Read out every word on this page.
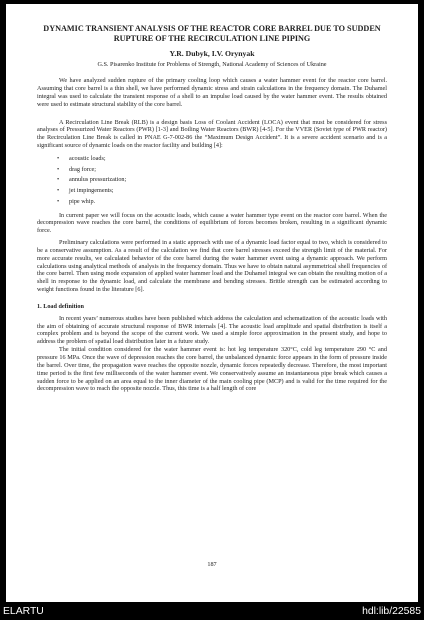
DYNAMIC TRANSIENT ANALYSIS OF THE REACTOR CORE BARREL DUE TO SUDDEN RUPTURE OF THE RECIRCULATION LINE PIPING

Y.R. Dubyk, I.V. Orynyak

G.S. Pisarenko Institute for Problems of Strength, National Academy of Sciences of Ukraine

We have analyzed sudden rupture of the primary cooling loop which causes a water hammer event for the reactor core barrel. Assuming that core barrel is a thin shell, we have performed dynamic stress and strain calculations in the frequency domain. The Duhamel integral was used to calculate the transient response of a shell to an impulse load caused by the water hammer event. The results obtained were used to estimate structural stability of the core barrel.

A Recirculation Line Break (RLB) is a design basis Loss of Coolant Accident (LOCA) event that must be considered for stress analyses of Pressurized Water Reactors (PWR) [1-3] and Boiling Water Reactors (BWR) [4-5]. For the VVER (Soviet type of PWR reactor) the Recirculation Line Break is called in PNAE G-7-002-86 the “Maximum Design Accident”. It is a severe accident scenario and is a significant source of dynamic loads on the reactor facility and building [4]:

• acoustic loads;
• drag force;
• annulus pressurization;
• jet impingements;
• pipe whip.

In current paper we will focus on the acoustic loads, which cause a water hammer type event on the reactor core barrel. When the decompression wave reaches the core barrel, the conditions of equilibrium of forces becomes broken, resulting in a significant dynamic force.

Preliminary calculations were performed in a static approach with use of a dynamic load factor equal to two, which is considered to be a conservative assumption. As a result of the calculation we find that core barrel stresses exceed the strength limit of the material. For more accurate results, we calculated behavior of the core barrel during the water hammer event using a dynamic approach. We perform calculations using analytical methods of analysis in the frequency domain. Thus we have to obtain natural asymmetrical shell frequencies of the core barrel. Then using mode expansion of applied water hammer load and the Duhamel integral we can obtain the resulting motion of a shell in response to the dynamic load, and calculate the membrane and bending stresses. Brittle strength can be estimated according to weight functions found in the literature [6].

1. Load definition

In recent years’ numerous studies have been published which address the calculation and schematization of the acoustic loads with the aim of obtaining of accurate structural response of BWR internals [4]. The acoustic load amplitude and spatial distribution is itself a complex problem and is beyond the scope of the current work. We used a simple force approximation in the present study, and hope to address the problem of spatial load distribution later in a future study.

The initial condition considered for the water hammer event is: hot leg temperature 320°C, cold leg temperature 290 °C and pressure 16 MPa. Once the wave of depression reaches the core barrel, the unbalanced dynamic force appears in the form of pressure inside the barrel. Over time, the propagation wave reaches the opposite nozzle, dynamic forces repeatedly decrease. Therefore, the most important time period is the first few milliseconds of the water hammer event. We conservatively assume an instantaneous pipe break which causes a sudden force to be applied on an area equal to the inner diameter of the main cooling pipe (MCP) and is valid for the time required for the decompression wave to reach the opposite nozzle. Thus, this time is a half length of core

187
ELARTU	hdl:lib/22585
